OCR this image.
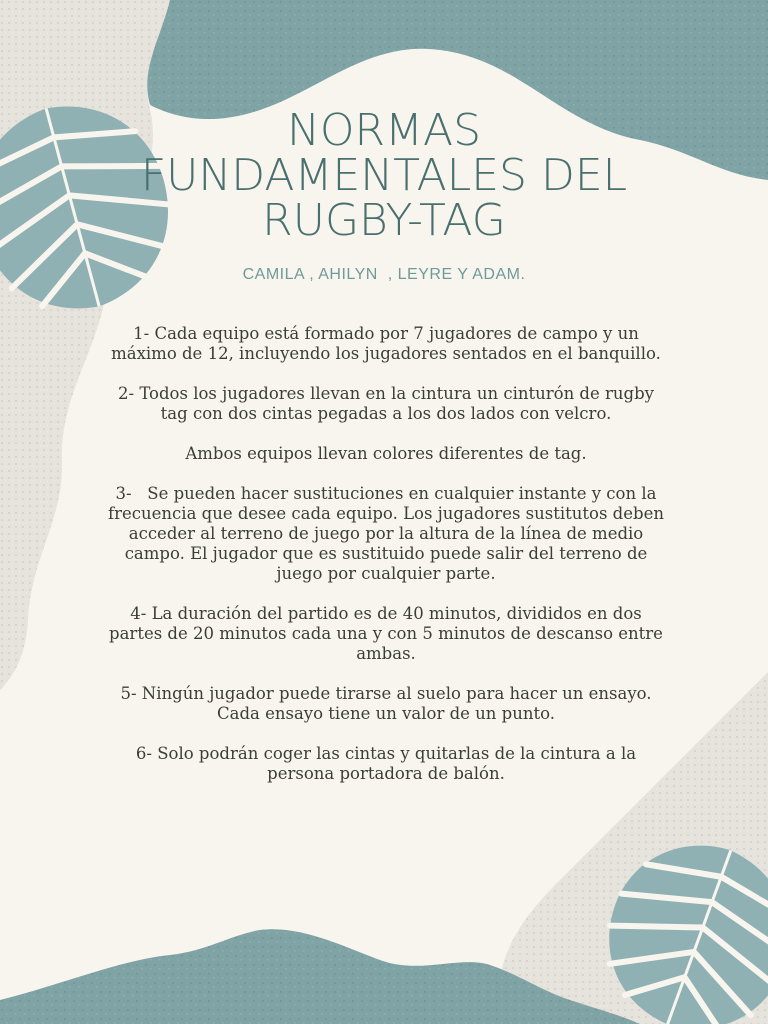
NORMAS
FUNDAMENTALES DEL
RUGBY-TAG

CAMILA , AHILYN  , LEYRE Y ADAM.

1- Cada equipo está formado por 7 jugadores de campo y un máximo de 12, incluyendo los jugadores sentados en el banquillo.

2- Todos los jugadores llevan en la cintura un cinturón de rugby tag con dos cintas pegadas a los dos lados con velcro.

Ambos equipos llevan colores diferentes de tag.

3-   Se pueden hacer sustituciones en cualquier instante y con la frecuencia que desee cada equipo. Los jugadores sustitutos deben acceder al terreno de juego por la altura de la línea de medio campo. El jugador que es sustituido puede salir del terreno de juego por cualquier parte.

4- La duración del partido es de 40 minutos, divididos en dos partes de 20 minutos cada una y con 5 minutos de descanso entre ambas.

5- Ningún jugador puede tirarse al suelo para hacer un ensayo. Cada ensayo tiene un valor de un punto.

6- Solo podrán coger las cintas y quitarlas de la cintura a la persona portadora de balón.
